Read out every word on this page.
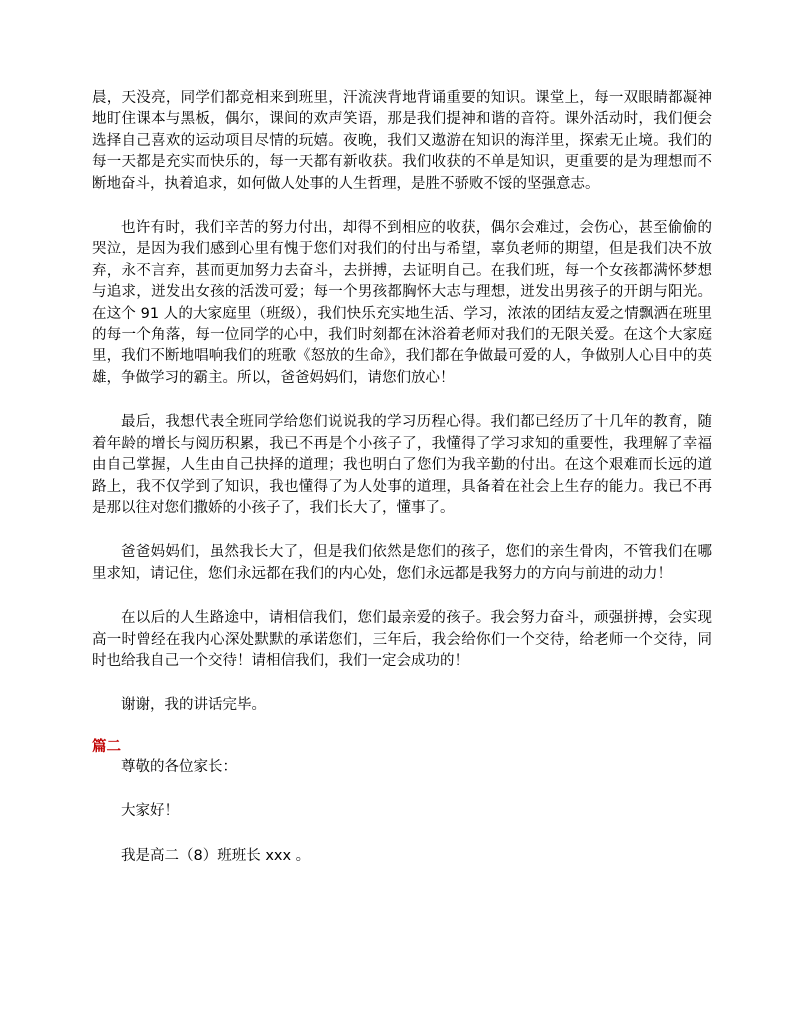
晨，天没亮，同学们都竞相来到班里，汗流浃背地背诵重要的知识。课堂上，每一双眼睛都凝神地盯住课本与黑板，偶尔，课间的欢声笑语，那是我们提神和谐的音符。课外活动时，我们便会选择自己喜欢的运动项目尽情的玩嬉。夜晚，我们又遨游在知识的海洋里，探索无止境。我们的每一天都是充实而快乐的，每一天都有新收获。我们收获的不单是知识，更重要的是为理想而不断地奋斗，执着追求，如何做人处事的人生哲理，是胜不骄败不馁的坚强意志。

也许有时，我们辛苦的努力付出，却得不到相应的收获，偶尔会难过，会伤心，甚至偷偷的哭泣，是因为我们感到心里有愧于您们对我们的付出与希望，辜负老师的期望，但是我们决不放弃，永不言弃，甚而更加努力去奋斗，去拼搏，去证明自己。在我们班，每一个女孩都满怀梦想与追求，迸发出女孩的活泼可爱；每一个男孩都胸怀大志与理想，迸发出男孩子的开朗与阳光。在这个 91 人的大家庭里（班级），我们快乐充实地生活、学习，浓浓的团结友爱之情飘洒在班里的每一个角落，每一位同学的心中，我们时刻都在沐浴着老师对我们的无限关爱。在这个大家庭里，我们不断地唱响我们的班歌《怒放的生命》，我们都在争做最可爱的人，争做别人心目中的英雄，争做学习的霸主。所以，爸爸妈妈们，请您们放心！

最后，我想代表全班同学给您们说说我的学习历程心得。我们都已经历了十几年的教育，随着年龄的增长与阅历积累，我已不再是个小孩子了，我懂得了学习求知的重要性，我理解了幸福由自己掌握，人生由自己抉择的道理；我也明白了您们为我辛勤的付出。在这个艰难而长远的道路上，我不仅学到了知识，我也懂得了为人处事的道理，具备着在社会上生存的能力。我已不再是那以往对您们撒娇的小孩子了，我们长大了，懂事了。

爸爸妈妈们，虽然我长大了，但是我们依然是您们的孩子，您们的亲生骨肉，不管我们在哪里求知，请记住，您们永远都在我们的内心处，您们永远都是我努力的方向与前进的动力！

在以后的人生路途中，请相信我们，您们最亲爱的孩子。我会努力奋斗，顽强拼搏，会实现高一时曾经在我内心深处默默的承诺您们，三年后，我会给你们一个交待，给老师一个交待，同时也给我自己一个交待！请相信我们，我们一定会成功的！

谢谢，我的讲话完毕。

篇二

尊敬的各位家长：

大家好！

我是高二（8）班班长 xxx 。
